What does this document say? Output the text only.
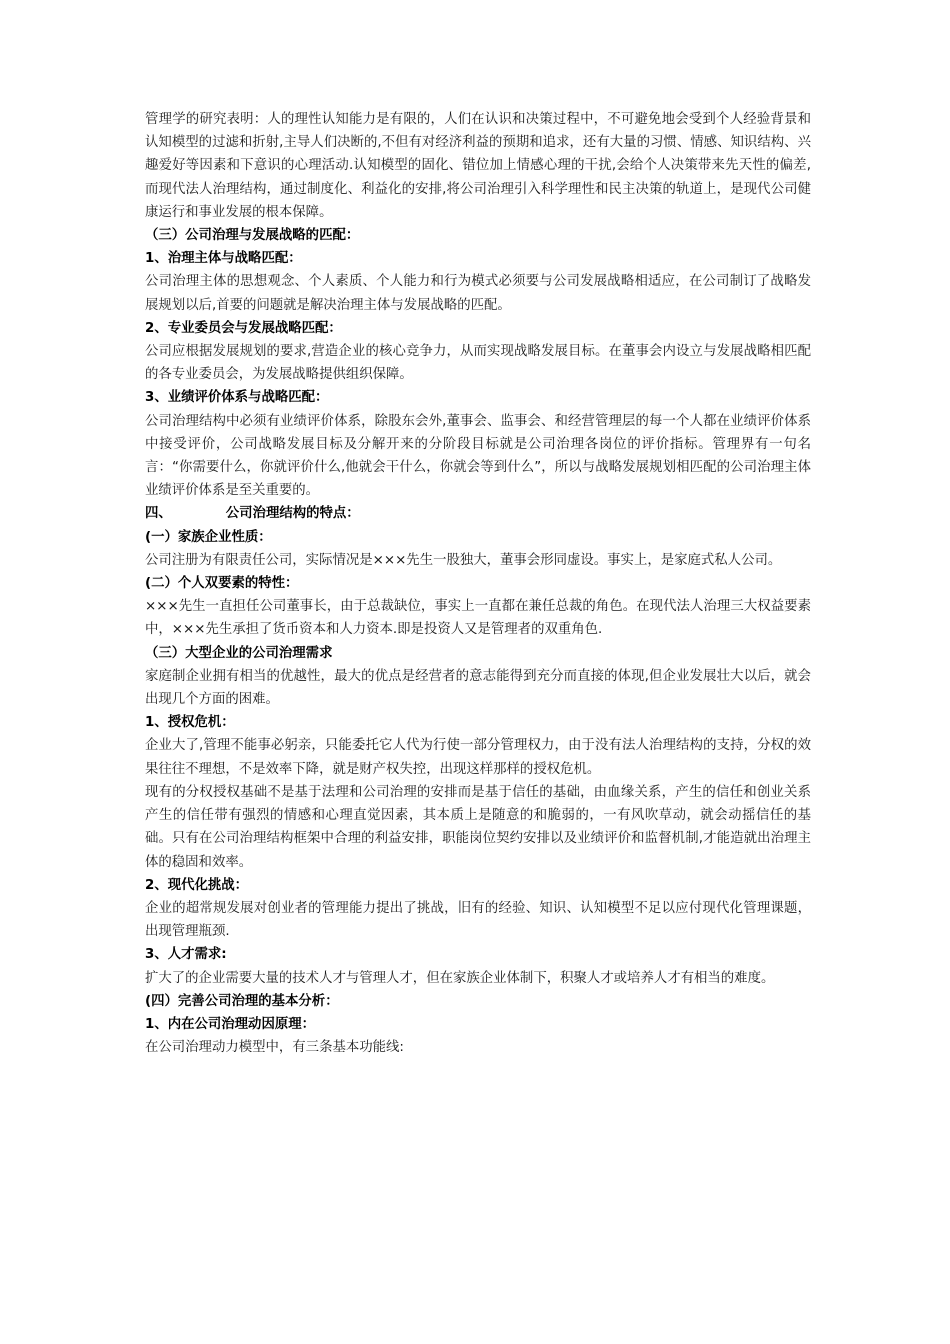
管理学的研究表明：人的理性认知能力是有限的，人们在认识和决策过程中，不可避免地会受到个人经验背景和认知模型的过滤和折射,主导人们决断的,不但有对经济利益的预期和追求，还有大量的习惯、情感、知识结构、兴趣爱好等因素和下意识的心理活动.认知模型的固化、错位加上情感心理的干扰,会给个人决策带来先天性的偏差,而现代法人治理结构，通过制度化、利益化的安排,将公司治理引入科学理性和民主决策的轨道上，是现代公司健康运行和事业发展的根本保障。

（三）公司治理与发展战略的匹配：

1、治理主体与战略匹配：

公司治理主体的思想观念、个人素质、个人能力和行为模式必须要与公司发展战略相适应，在公司制订了战略发展规划以后,首要的问题就是解决治理主体与发展战略的匹配。

2、专业委员会与发展战略匹配：

公司应根据发展规划的要求,营造企业的核心竞争力，从而实现战略发展目标。在董事会内设立与发展战略相匹配的各专业委员会，为发展战略提供组织保障。

3、业绩评价体系与战略匹配：

公司治理结构中必须有业绩评价体系，除股东会外,董事会、监事会、和经营管理层的每一个人都在业绩评价体系中接受评价，公司战略发展目标及分解开来的分阶段目标就是公司治理各岗位的评价指标。管理界有一句名言：“你需要什么，你就评价什么,他就会干什么，你就会等到什么”，所以与战略发展规划相匹配的公司治理主体业绩评价体系是至关重要的。

四、	公司治理结构的特点：

(一）家族企业性质：

公司注册为有限责任公司，实际情况是×××先生一股独大，董事会形同虚设。事实上，是家庭式私人公司。

(二）个人双要素的特性：

×××先生一直担任公司董事长，由于总裁缺位，事实上一直都在兼任总裁的角色。在现代法人治理三大权益要素中，×××先生承担了货币资本和人力资本.即是投资人又是管理者的双重角色.

（三）大型企业的公司治理需求

家庭制企业拥有相当的优越性，最大的优点是经营者的意志能得到充分而直接的体现,但企业发展壮大以后，就会出现几个方面的困难。

1、授权危机：

企业大了,管理不能事必躬亲，只能委托它人代为行使一部分管理权力，由于没有法人治理结构的支持，分权的效果往往不理想，不是效率下降，就是财产权失控，出现这样那样的授权危机。

现有的分权授权基础不是基于法理和公司治理的安排而是基于信任的基础，由血缘关系，产生的信任和创业关系产生的信任带有强烈的情感和心理直觉因素，其本质上是随意的和脆弱的，一有风吹草动，就会动摇信任的基础。只有在公司治理结构框架中合理的利益安排，职能岗位契约安排以及业绩评价和监督机制,才能造就出治理主体的稳固和效率。

2、现代化挑战：

企业的超常规发展对创业者的管理能力提出了挑战，旧有的经验、知识、认知模型不足以应付现代化管理课题，出现管理瓶颈.

3、人才需求:

扩大了的企业需要大量的技术人才与管理人才，但在家族企业体制下，积聚人才或培养人才有相当的难度。

(四）完善公司治理的基本分析：

1、内在公司治理动因原理：

在公司治理动力模型中，有三条基本功能线:
